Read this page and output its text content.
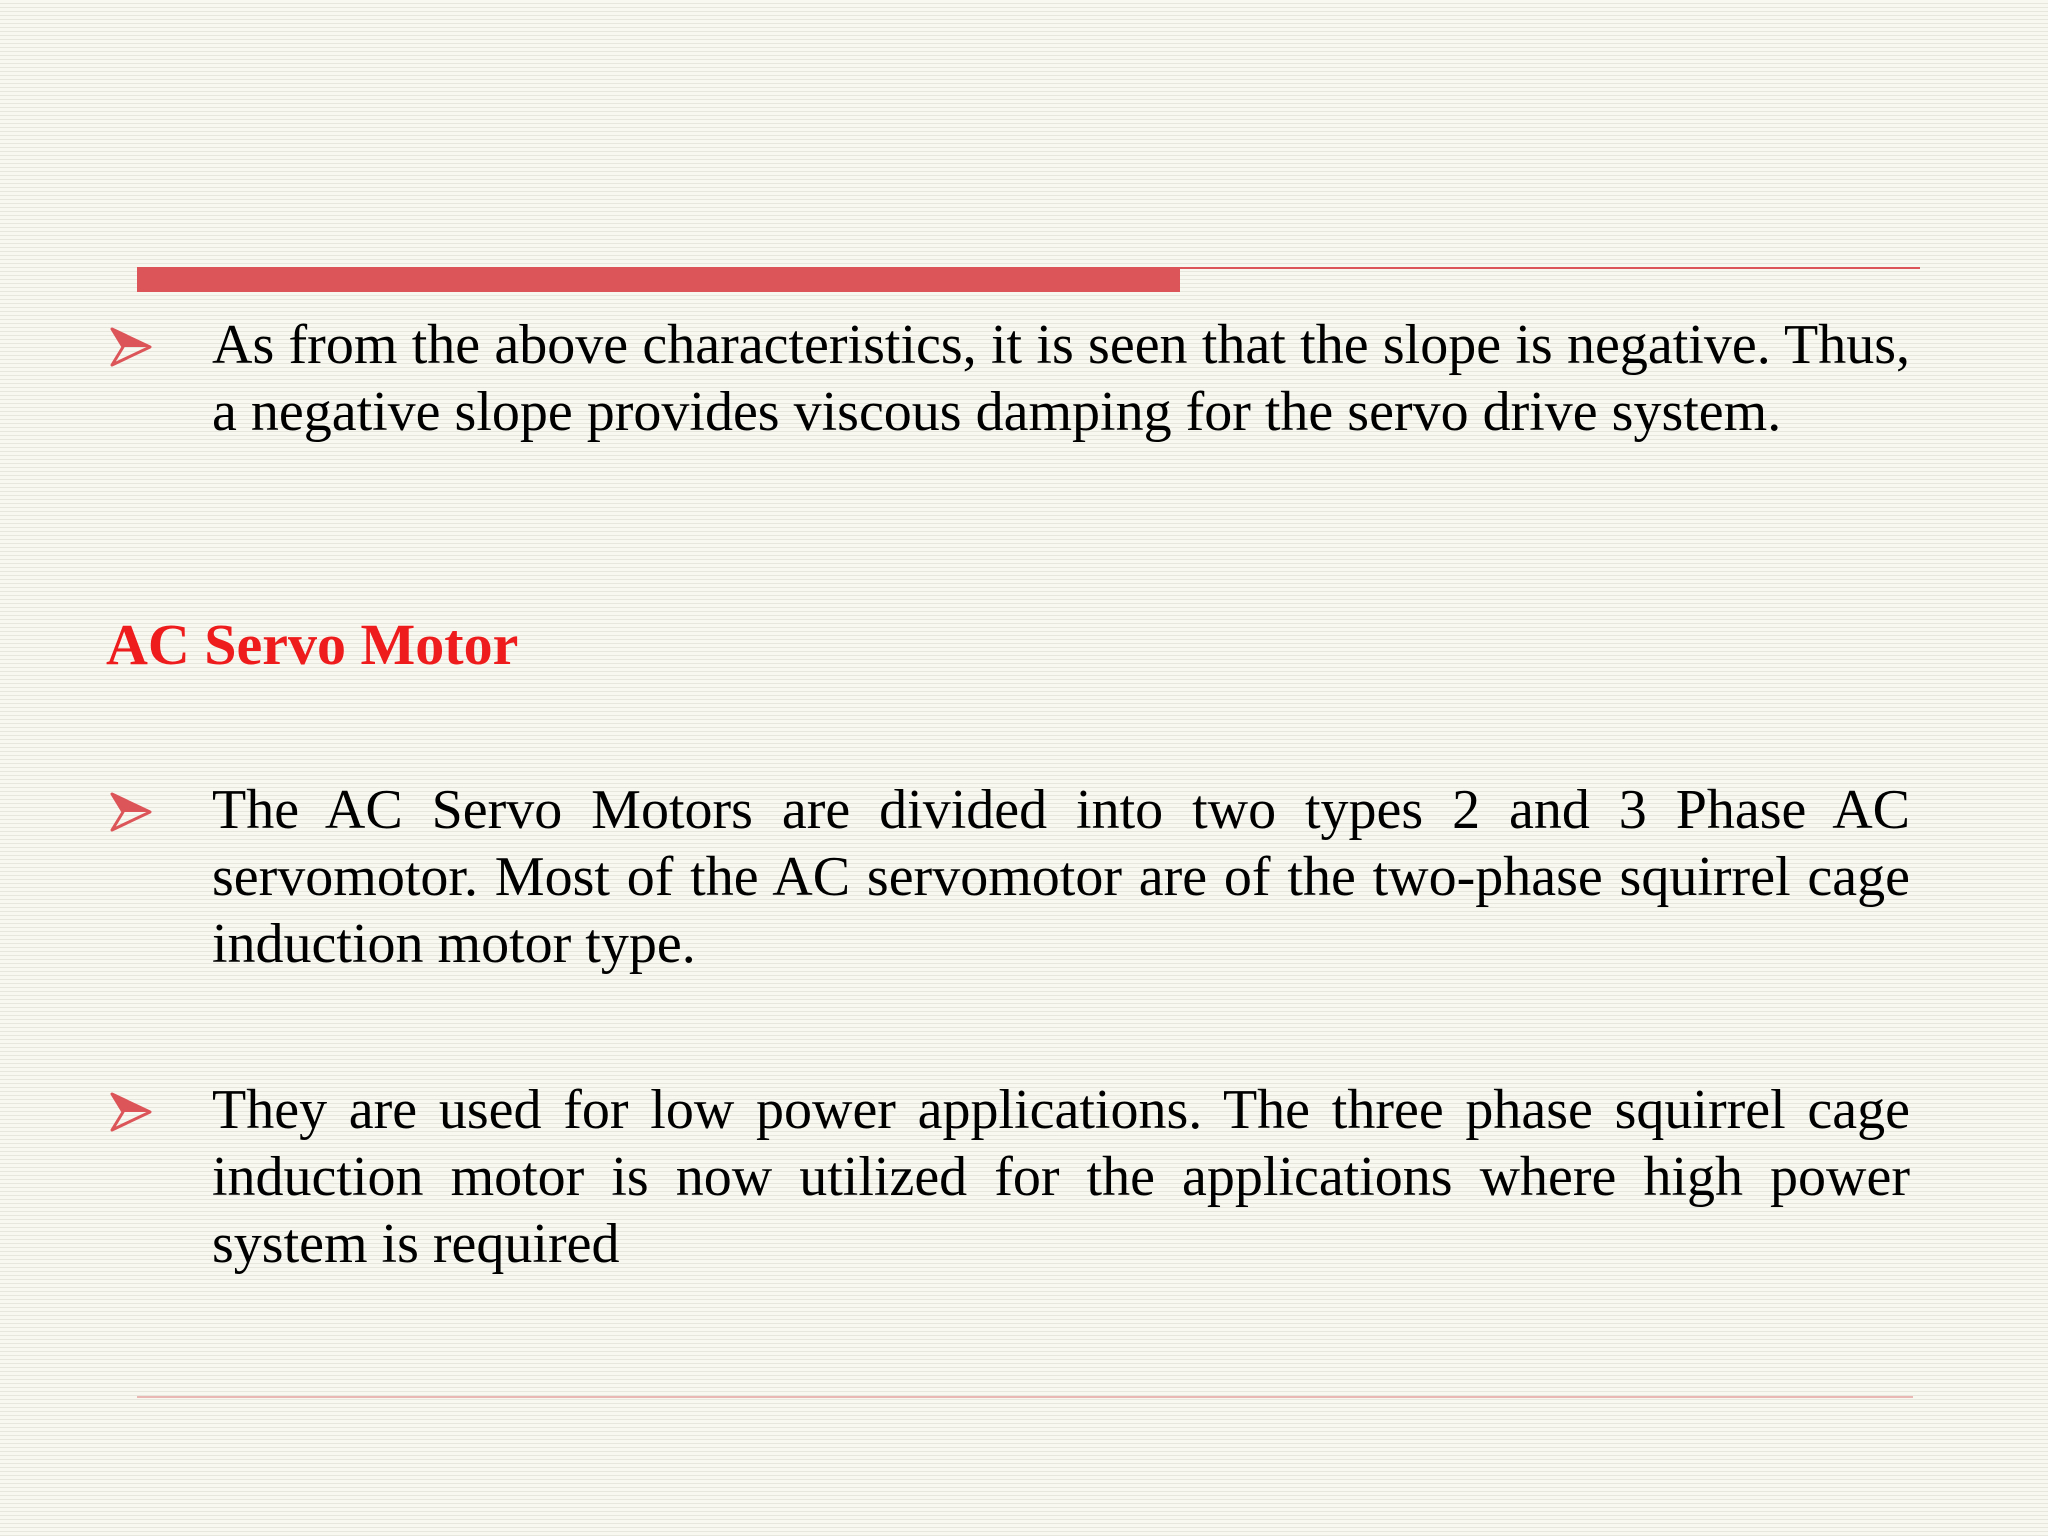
As from the above characteristics, it is seen that the slope is negative. Thus, a negative slope provides viscous damping for the servo drive system.

AC Servo Motor

The AC Servo Motors are divided into two types 2 and 3 Phase AC servomotor. Most of the AC servomotor are of the two-phase squirrel cage induction motor type.

They are used for low power applications. The three phase squirrel cage induction motor is now utilized for the applications where high power system is required
